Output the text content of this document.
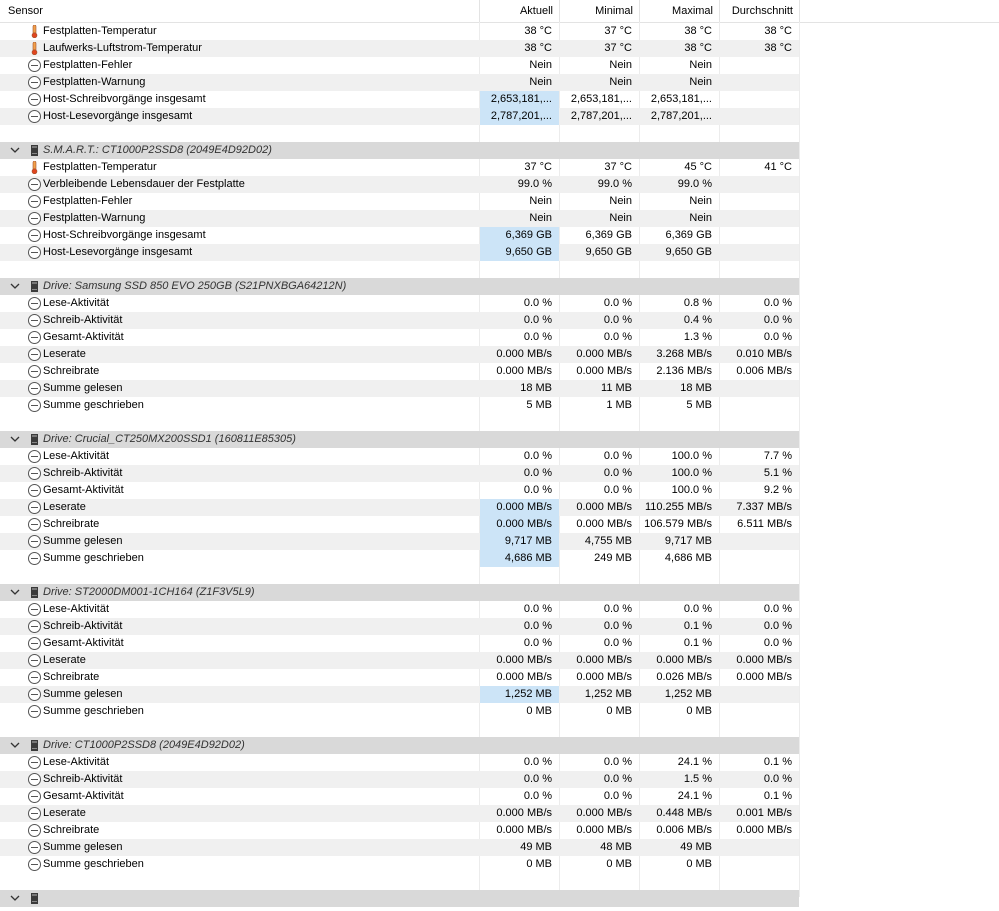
Sensor	Aktuell	Minimal	Maximal	Durchschnitt
Festplatten-Temperatur	38 °C	37 °C	38 °C	38 °C
Laufwerks-Luftstrom-Temperatur	38 °C	37 °C	38 °C	38 °C
Festplatten-Fehler	Nein	Nein	Nein
Festplatten-Warnung	Nein	Nein	Nein
Host-Schreibvorgänge insgesamt	2,653,181,...	2,653,181,...	2,653,181,...
Host-Lesevorgänge insgesamt	2,787,201,...	2,787,201,...	2,787,201,...
S.M.A.R.T.: CT1000P2SSD8 (2049E4D92D02)
Festplatten-Temperatur	37 °C	37 °C	45 °C	41 °C
Verbleibende Lebensdauer der Festplatte	99.0 %	99.0 %	99.0 %
Festplatten-Fehler	Nein	Nein	Nein
Festplatten-Warnung	Nein	Nein	Nein
Host-Schreibvorgänge insgesamt	6,369 GB	6,369 GB	6,369 GB
Host-Lesevorgänge insgesamt	9,650 GB	9,650 GB	9,650 GB
Drive: Samsung SSD 850 EVO 250GB (S21PNXBGA64212N)
Lese-Aktivität	0.0 %	0.0 %	0.8 %	0.0 %
Schreib-Aktivität	0.0 %	0.0 %	0.4 %	0.0 %
Gesamt-Aktivität	0.0 %	0.0 %	1.3 %	0.0 %
Leserate	0.000 MB/s	0.000 MB/s	3.268 MB/s	0.010 MB/s
Schreibrate	0.000 MB/s	0.000 MB/s	2.136 MB/s	0.006 MB/s
Summe gelesen	18 MB	11 MB	18 MB
Summe geschrieben	5 MB	1 MB	5 MB
Drive: Crucial_CT250MX200SSD1 (160811E85305)
Lese-Aktivität	0.0 %	0.0 %	100.0 %	7.7 %
Schreib-Aktivität	0.0 %	0.0 %	100.0 %	5.1 %
Gesamt-Aktivität	0.0 %	0.0 %	100.0 %	9.2 %
Leserate	0.000 MB/s	0.000 MB/s	110.255 MB/s	7.337 MB/s
Schreibrate	0.000 MB/s	0.000 MB/s	106.579 MB/s	6.511 MB/s
Summe gelesen	9,717 MB	4,755 MB	9,717 MB
Summe geschrieben	4,686 MB	249 MB	4,686 MB
Drive: ST2000DM001-1CH164 (Z1F3V5L9)
Lese-Aktivität	0.0 %	0.0 %	0.0 %	0.0 %
Schreib-Aktivität	0.0 %	0.0 %	0.1 %	0.0 %
Gesamt-Aktivität	0.0 %	0.0 %	0.1 %	0.0 %
Leserate	0.000 MB/s	0.000 MB/s	0.000 MB/s	0.000 MB/s
Schreibrate	0.000 MB/s	0.000 MB/s	0.026 MB/s	0.000 MB/s
Summe gelesen	1,252 MB	1,252 MB	1,252 MB
Summe geschrieben	0 MB	0 MB	0 MB
Drive: CT1000P2SSD8 (2049E4D92D02)
Lese-Aktivität	0.0 %	0.0 %	24.1 %	0.1 %
Schreib-Aktivität	0.0 %	0.0 %	1.5 %	0.0 %
Gesamt-Aktivität	0.0 %	0.0 %	24.1 %	0.1 %
Leserate	0.000 MB/s	0.000 MB/s	0.448 MB/s	0.001 MB/s
Schreibrate	0.000 MB/s	0.000 MB/s	0.006 MB/s	0.000 MB/s
Summe gelesen	49 MB	48 MB	49 MB
Summe geschrieben	0 MB	0 MB	0 MB
